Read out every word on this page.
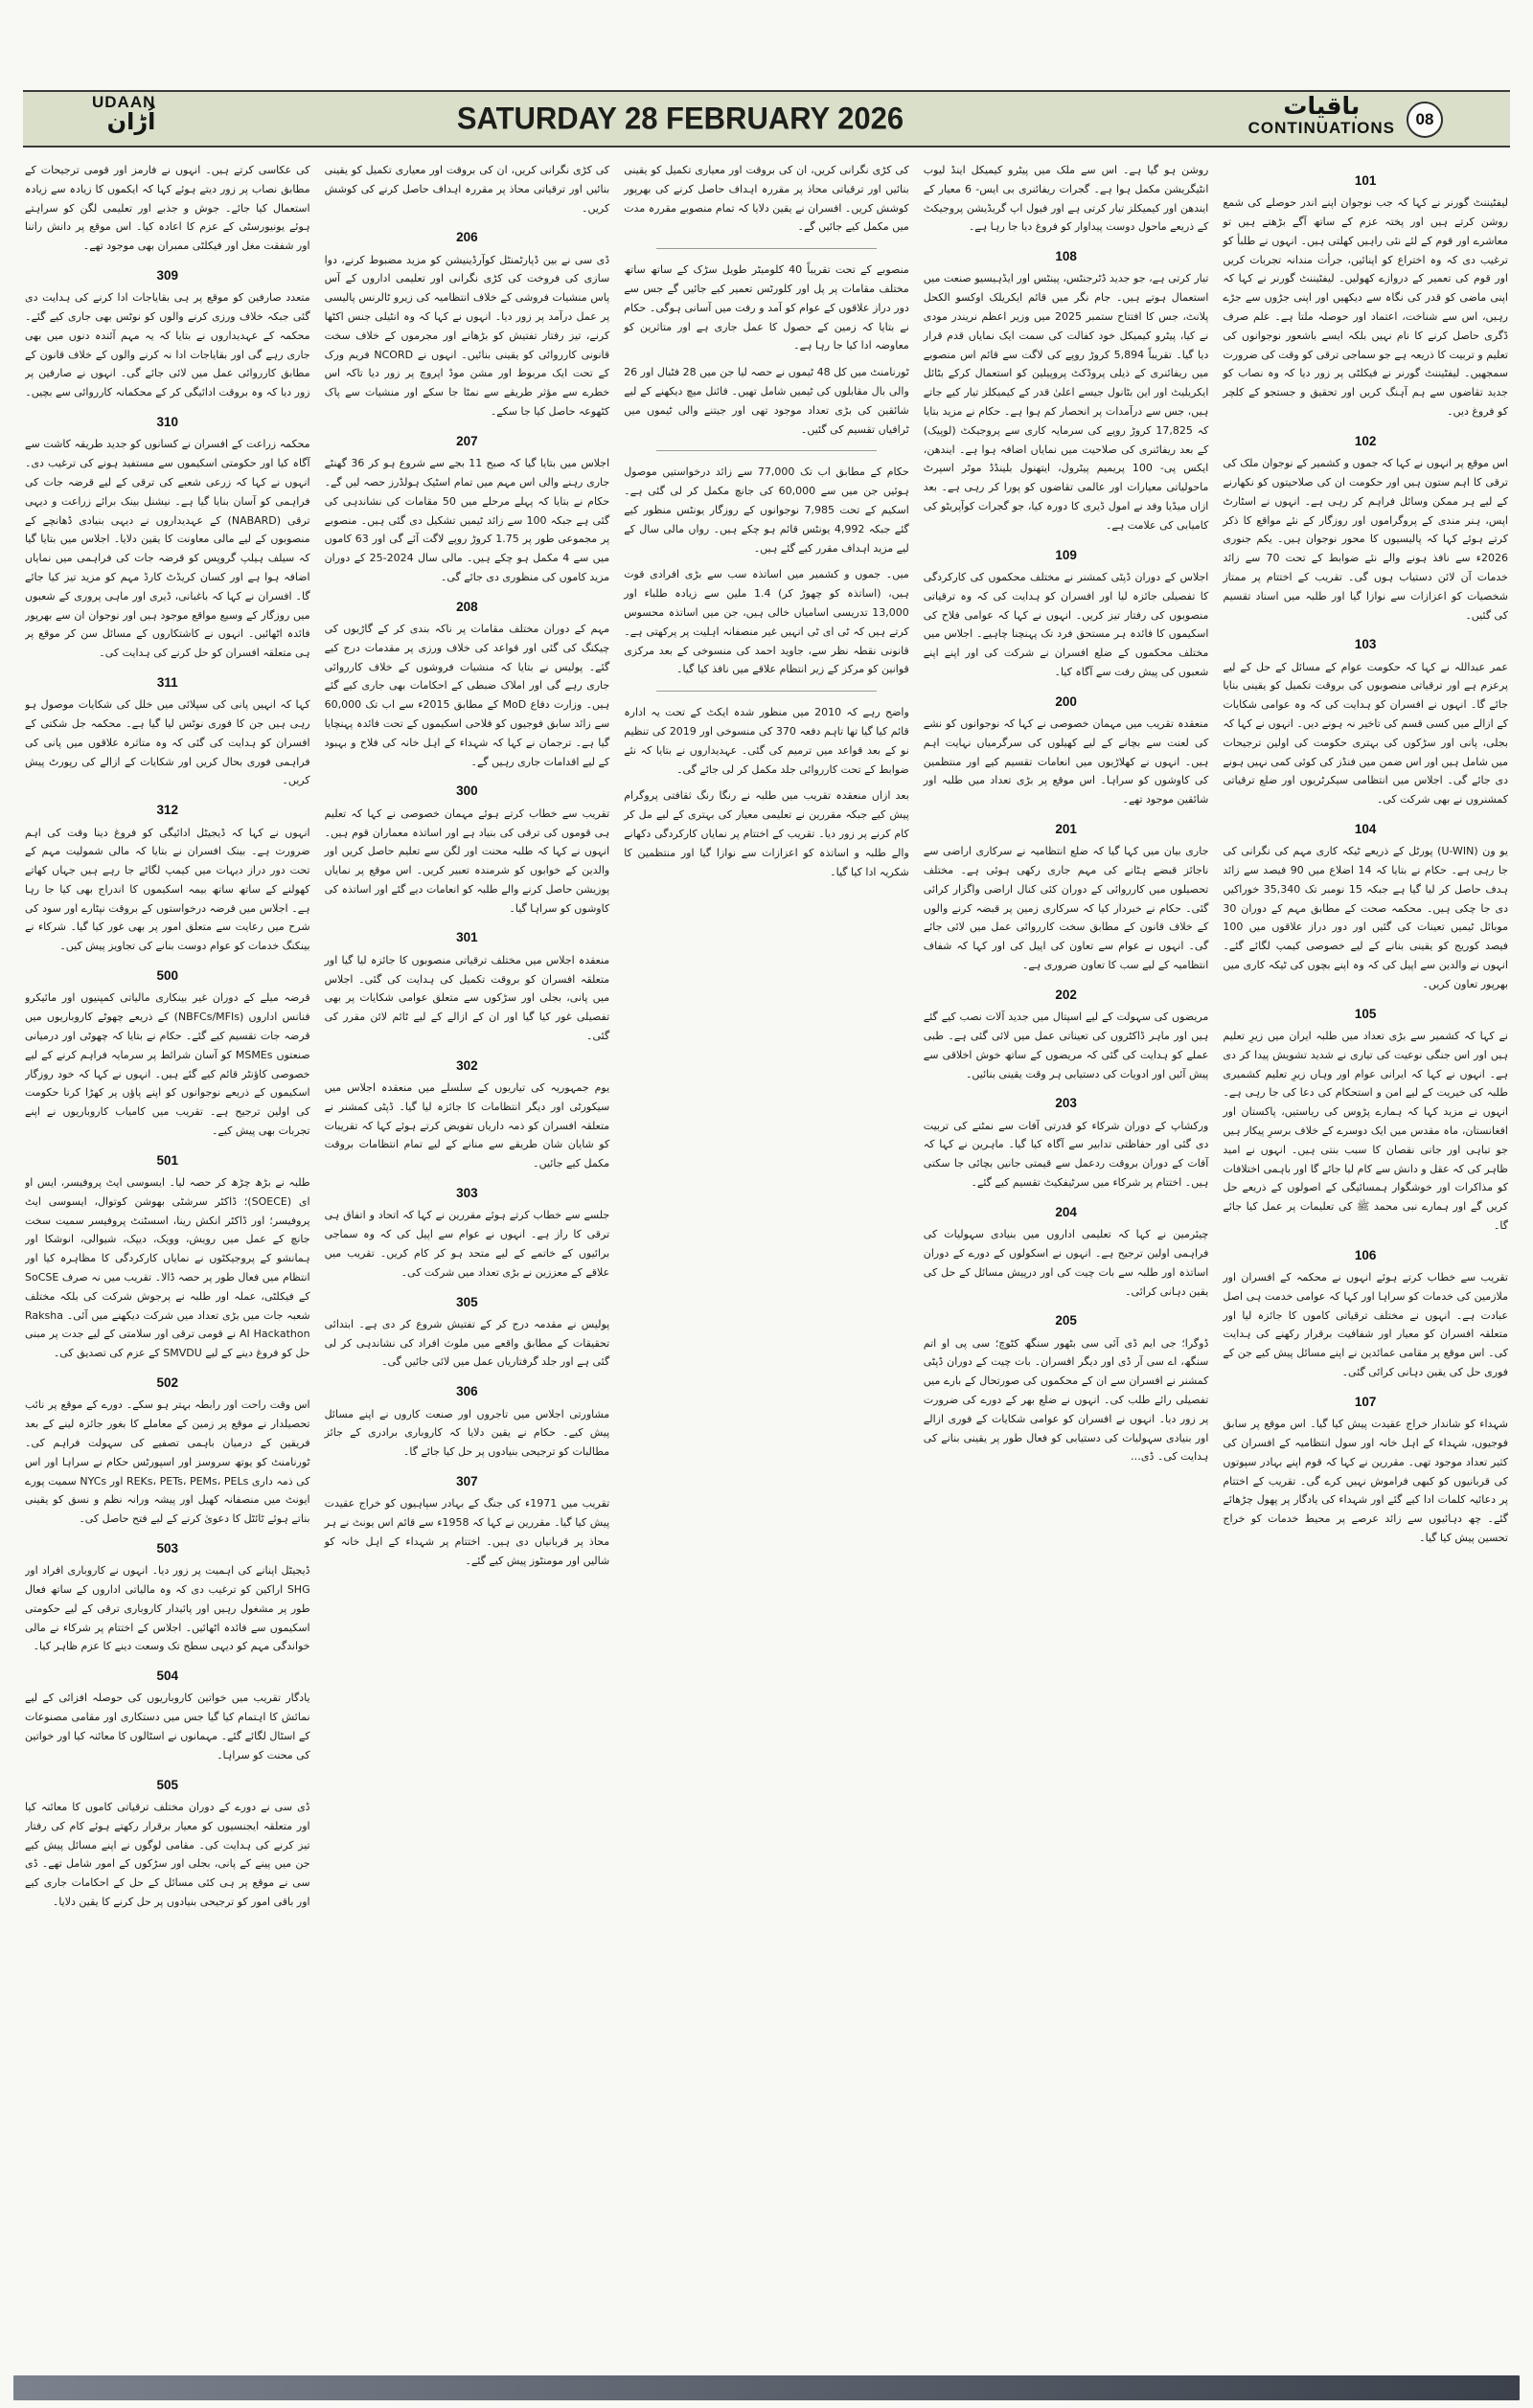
UDAAN
اُڑان	SATURDAY 28 FEBRUARY 2026	باقیات
CONTINUATIONS	08

کی عکاسی کرتے ہیں۔ انہوں نے فارمز اور قومی ترجیحات کے مطابق نصاب پر زور دیتے ہوئے کہا کہ ایکموں کا زیادہ سے زیادہ استعمال کیا جائے۔ جوش و جذبے اور تعلیمی لگن کو سراہتے ہوئے یونیورسٹی کے عزم کا اعادہ کیا۔ اس موقع پر دانش راننا اور شفقت مغل اور فیکلٹی ممبران بھی موجود تھے۔

309

متعدد صارفین کو موقع پر ہی بقایاجات ادا کرنے کی ہدایت دی گئی جبکہ خلاف ورزی کرنے والوں کو نوٹس بھی جاری کیے گئے۔ محکمہ کے عہدیداروں نے بتایا کہ یہ مہم آئندہ دنوں میں بھی جاری رہے گی اور بقایاجات ادا نہ کرنے والوں کے خلاف قانون کے مطابق کارروائی عمل میں لائی جائے گی۔ انہوں نے صارفین پر زور دیا کہ وہ بروقت ادائیگی کر کے محکمانہ کارروائی سے بچیں۔

310

محکمہ زراعت کے افسران نے کسانوں کو جدید طریقہ کاشت سے آگاہ کیا اور حکومتی اسکیموں سے مستفید ہونے کی ترغیب دی۔ انہوں نے کہا کہ زرعی شعبے کی ترقی کے لیے قرضہ جات کی فراہمی کو آسان بنایا گیا ہے۔ نیشنل بینک برائے زراعت و دیہی ترقی (NABARD) کے عہدیداروں نے دیہی بنیادی ڈھانچے کے منصوبوں کے لیے مالی معاونت کا یقین دلایا۔ اجلاس میں بتایا گیا کہ سیلف ہیلپ گروپس کو قرضہ جات کی فراہمی میں نمایاں اضافہ ہوا ہے اور کسان کریڈٹ کارڈ مہم کو مزید تیز کیا جائے گا۔ افسران نے کہا کہ باغبانی، ڈیری اور ماہی پروری کے شعبوں میں روزگار کے وسیع مواقع موجود ہیں اور نوجوان ان سے بھرپور فائدہ اٹھائیں۔ انہوں نے کاشتکاروں کے مسائل سن کر موقع پر ہی متعلقہ افسران کو حل کرنے کی ہدایت کی۔

311

کہا کہ انہیں پانی کی سپلائی میں خلل کی شکایات موصول ہو رہی ہیں جن کا فوری نوٹس لیا گیا ہے۔ محکمہ جل شکتی کے افسران کو ہدایت کی گئی کہ وہ متاثرہ علاقوں میں پانی کی فراہمی فوری بحال کریں اور شکایات کے ازالے کی رپورٹ پیش کریں۔

312

انہوں نے کہا کہ ڈیجیٹل ادائیگی کو فروغ دینا وقت کی اہم ضرورت ہے۔ بینک افسران نے بتایا کہ مالی شمولیت مہم کے تحت دور دراز دیہات میں کیمپ لگائے جا رہے ہیں جہاں کھاتے کھولنے کے ساتھ ساتھ بیمہ اسکیموں کا اندراج بھی کیا جا رہا ہے۔ اجلاس میں قرضہ درخواستوں کے بروقت نپٹارے اور سود کی شرح میں رعایت سے متعلق امور پر بھی غور کیا گیا۔ شرکاء نے بینکنگ خدمات کو عوام دوست بنانے کی تجاویز پیش کیں۔

500

قرضہ میلے کے دوران غیر بینکاری مالیاتی کمپنیوں اور مائیکرو فنانس اداروں (NBFCs/MFIs) کے ذریعے چھوٹے کاروباریوں میں قرضہ جات تقسیم کیے گئے۔ حکام نے بتایا کہ چھوٹی اور درمیانی صنعتوں MSMEs کو آسان شرائط پر سرمایہ فراہم کرنے کے لیے خصوصی کاؤنٹر قائم کیے گئے ہیں۔ انہوں نے کہا کہ خود روزگار اسکیموں کے ذریعے نوجوانوں کو اپنے پاؤں پر کھڑا کرنا حکومت کی اولین ترجیح ہے۔ تقریب میں کامیاب کاروباریوں نے اپنے تجربات بھی پیش کیے۔

501

طلبہ نے بڑھ چڑھ کر حصہ لیا۔ ایسوسی ایٹ پروفیسر، ایس او ای (SOECE)؛ ڈاکٹر سرشٹی بھوشن کوتوال، ایسوسی ایٹ پروفیسر؛ اور ڈاکٹر انکش رینا، اسسٹنٹ پروفیسر سمیت سخت جانچ کے عمل میں رویش، وویک، دیپک، شیوالی، انوشکا اور ہمانشو کے پروجیکٹوں نے نمایاں کارکردگی کا مظاہرہ کیا اور انتظام میں فعال طور پر حصہ ڈالا۔ تقریب میں نہ صرف SoCSE کے فیکلٹی، عملہ اور طلبہ نے پرجوش شرکت کی بلکہ مختلف شعبہ جات میں بڑی تعداد میں شرکت دیکھنے میں آئی۔ Raksha AI Hackathon نے قومی ترقی اور سلامتی کے لیے جدت پر مبنی حل کو فروغ دینے کے لیے SMVDU کے عزم کی تصدیق کی۔

502

اس وقت راحت اور رابطہ بہتر ہو سکے۔ دورے کے موقع پر نائب تحصیلدار نے موقع پر زمین کے معاملے کا بغور جائزہ لینے کے بعد فریقین کے درمیان باہمی تصفیے کی سہولت فراہم کی۔ ٹورنامنٹ کو یوتھ سروسز اور اسپورٹس حکام نے سراہا اور اس کی ذمہ داری REKs، PETs، PEMs، PELs اور NYCs سمیت پورے ایونٹ میں منصفانہ کھیل اور پیشہ ورانہ نظم و نسق کو یقینی بناتے ہوئے ٹائٹل کا دعویٰ کرنے کے لیے فتح حاصل کی۔

503

ڈیجیٹل اپنانے کی اہمیت پر زور دیا۔ انہوں نے کاروباری افراد اور SHG اراکین کو ترغیب دی کہ وہ مالیاتی اداروں کے ساتھ فعال طور پر مشغول رہیں اور پائیدار کاروباری ترقی کے لیے حکومتی اسکیموں سے فائدہ اٹھائیں۔ اجلاس کے اختتام پر شرکاء نے مالی خواندگی مہم کو دیہی سطح تک وسعت دینے کا عزم ظاہر کیا۔

504

یادگار تقریب میں خواتین کاروباریوں کی حوصلہ افزائی کے لیے نمائش کا اہتمام کیا گیا جس میں دستکاری اور مقامی مصنوعات کے اسٹال لگائے گئے۔ مہمانوں نے اسٹالوں کا معائنہ کیا اور خواتین کی محنت کو سراہا۔

505

ڈی سی نے دورے کے دوران مختلف ترقیاتی کاموں کا معائنہ کیا اور متعلقہ ایجنسیوں کو معیار برقرار رکھتے ہوئے کام کی رفتار تیز کرنے کی ہدایت کی۔ مقامی لوگوں نے اپنے مسائل پیش کیے جن میں پینے کے پانی، بجلی اور سڑکوں کے امور شامل تھے۔ ڈی سی نے موقع پر ہی کئی مسائل کے حل کے احکامات جاری کیے اور باقی امور کو ترجیحی بنیادوں پر حل کرنے کا یقین دلایا۔

کی کڑی نگرانی کریں، ان کی بروقت اور معیاری تکمیل کو یقینی بنائیں اور ترقیاتی محاذ پر مقررہ اہداف حاصل کرنے کی کوشش کریں۔

206

ڈی سی نے بین ڈپارٹمنٹل کوآرڈینیشن کو مزید مضبوط کرنے، دوا سازی کی فروخت کی کڑی نگرانی اور تعلیمی اداروں کے آس پاس منشیات فروشی کے خلاف انتظامیہ کی زیرو ٹالرنس پالیسی پر عمل درآمد پر زور دیا۔ انہوں نے کہا کہ وہ انٹیلی جنس اکٹھا کرنے، تیز رفتار تفتیش کو بڑھانے اور مجرموں کے خلاف سخت قانونی کارروائی کو یقینی بنائیں۔ انہوں نے NCORD فریم ورک کے تحت ایک مربوط اور مشن موڈ اپروچ پر زور دیا تاکہ اس خطرے سے مؤثر طریقے سے نمٹا جا سکے اور منشیات سے پاک کٹھوعہ حاصل کیا جا سکے۔

207

اجلاس میں بتایا گیا کہ صبح 11 بجے سے شروع ہو کر 36 گھنٹے جاری رہنے والی اس مہم میں تمام اسٹیک ہولڈرز حصہ لیں گے۔ حکام نے بتایا کہ پہلے مرحلے میں 50 مقامات کی نشاندہی کی گئی ہے جبکہ 100 سے زائد ٹیمیں تشکیل دی گئی ہیں۔ منصوبے پر مجموعی طور پر 1.75 کروڑ روپے لاگت آئے گی اور 63 کاموں میں سے 4 مکمل ہو چکے ہیں۔ مالی سال 2024-25 کے دوران مزید کاموں کی منظوری دی جائے گی۔

208

مہم کے دوران مختلف مقامات پر ناکہ بندی کر کے گاڑیوں کی چیکنگ کی گئی اور قواعد کی خلاف ورزی پر مقدمات درج کیے گئے۔ پولیس نے بتایا کہ منشیات فروشوں کے خلاف کارروائی جاری رہے گی اور املاک ضبطی کے احکامات بھی جاری کیے گئے ہیں۔ وزارت دفاع MoD کے مطابق 2015ء سے اب تک 60,000 سے زائد سابق فوجیوں کو فلاحی اسکیموں کے تحت فائدہ پہنچایا گیا ہے۔ ترجمان نے کہا کہ شہداء کے اہل خانہ کی فلاح و بہبود کے لیے اقدامات جاری رہیں گے۔

300

تقریب سے خطاب کرتے ہوئے مہمان خصوصی نے کہا کہ تعلیم ہی قوموں کی ترقی کی بنیاد ہے اور اساتذہ معماران قوم ہیں۔ انہوں نے کہا کہ طلبہ محنت اور لگن سے تعلیم حاصل کریں اور والدین کے خوابوں کو شرمندہ تعبیر کریں۔ اس موقع پر نمایاں پوزیشن حاصل کرنے والے طلبہ کو انعامات دیے گئے اور اساتذہ کی کاوشوں کو سراہا گیا۔

301

منعقدہ اجلاس میں مختلف ترقیاتی منصوبوں کا جائزہ لیا گیا اور متعلقہ افسران کو بروقت تکمیل کی ہدایت کی گئی۔ اجلاس میں پانی، بجلی اور سڑکوں سے متعلق عوامی شکایات پر بھی تفصیلی غور کیا گیا اور ان کے ازالے کے لیے ٹائم لائن مقرر کی گئی۔

302

یوم جمہوریہ کی تیاریوں کے سلسلے میں منعقدہ اجلاس میں سیکورٹی اور دیگر انتظامات کا جائزہ لیا گیا۔ ڈپٹی کمشنر نے متعلقہ افسران کو ذمہ داریاں تفویض کرتے ہوئے کہا کہ تقریبات کو شایان شان طریقے سے منانے کے لیے تمام انتظامات بروقت مکمل کیے جائیں۔

303

جلسے سے خطاب کرتے ہوئے مقررین نے کہا کہ اتحاد و اتفاق ہی ترقی کا راز ہے۔ انہوں نے عوام سے اپیل کی کہ وہ سماجی برائیوں کے خاتمے کے لیے متحد ہو کر کام کریں۔ تقریب میں علاقے کے معززین نے بڑی تعداد میں شرکت کی۔

305

پولیس نے مقدمہ درج کر کے تفتیش شروع کر دی ہے۔ ابتدائی تحقیقات کے مطابق واقعے میں ملوث افراد کی نشاندہی کر لی گئی ہے اور جلد گرفتاریاں عمل میں لائی جائیں گی۔

306

مشاورتی اجلاس میں تاجروں اور صنعت کاروں نے اپنے مسائل پیش کیے۔ حکام نے یقین دلایا کہ کاروباری برادری کے جائز مطالبات کو ترجیحی بنیادوں پر حل کیا جائے گا۔

307

تقریب میں 1971ء کی جنگ کے بہادر سپاہیوں کو خراج عقیدت پیش کیا گیا۔ مقررین نے کہا کہ 1958ء سے قائم اس یونٹ نے ہر محاذ پر قربانیاں دی ہیں۔ اختتام پر شہداء کے اہل خانہ کو شالیں اور مومنٹوز پیش کیے گئے۔

کی کڑی نگرانی کریں، ان کی بروقت اور معیاری تکمیل کو یقینی بنائیں اور ترقیاتی محاذ پر مقررہ اہداف حاصل کرنے کی بھرپور کوشش کریں۔ افسران نے یقین دلایا کہ تمام منصوبے مقررہ مدت میں مکمل کیے جائیں گے۔

منصوبے کے تحت تقریباً 40 کلومیٹر طویل سڑک کے ساتھ ساتھ مختلف مقامات پر پل اور کلورٹس تعمیر کیے جائیں گے جس سے دور دراز علاقوں کے عوام کو آمد و رفت میں آسانی ہوگی۔ حکام نے بتایا کہ زمین کے حصول کا عمل جاری ہے اور متاثرین کو معاوضہ ادا کیا جا رہا ہے۔

ٹورنامنٹ میں کل 48 ٹیموں نے حصہ لیا جن میں 28 فٹبال اور 26 والی بال مقابلوں کی ٹیمیں شامل تھیں۔ فائنل میچ دیکھنے کے لیے شائقین کی بڑی تعداد موجود تھی اور جیتنے والی ٹیموں میں ٹرافیاں تقسیم کی گئیں۔

حکام کے مطابق اب تک 77,000 سے زائد درخواستیں موصول ہوئیں جن میں سے 60,000 کی جانچ مکمل کر لی گئی ہے۔ اسکیم کے تحت 7,985 نوجوانوں کے روزگار یونٹس منظور کیے گئے جبکہ 4,992 یونٹس قائم ہو چکے ہیں۔ رواں مالی سال کے لیے مزید اہداف مقرر کیے گئے ہیں۔

میں۔ جموں و کشمیر میں اساتذہ سب سے بڑی افرادی قوت ہیں، (اساتذہ کو چھوڑ کر) 1.4 ملین سے زیادہ طلباء اور 13,000 تدریسی اسامیاں خالی ہیں، جن میں اساتذہ محسوس کرتے ہیں کہ ٹی ای ٹی انہیں غیر منصفانہ اہلیت پر پرکھتی ہے۔ قانونی نقطہ نظر سے، جاوید احمد کی منسوخی کے بعد مرکزی قوانین کو مرکز کے زیر انتظام علاقے میں نافذ کیا گیا۔

واضح رہے کہ 2010 میں منظور شدہ ایکٹ کے تحت یہ ادارہ قائم کیا گیا تھا تاہم دفعہ 370 کی منسوخی اور 2019 کی تنظیم نو کے بعد قواعد میں ترمیم کی گئی۔ عہدیداروں نے بتایا کہ نئے ضوابط کے تحت کارروائی جلد مکمل کر لی جائے گی۔

بعد ازاں منعقدہ تقریب میں طلبہ نے رنگا رنگ ثقافتی پروگرام پیش کیے جبکہ مقررین نے تعلیمی معیار کی بہتری کے لیے مل کر کام کرنے پر زور دیا۔ تقریب کے اختتام پر نمایاں کارکردگی دکھانے والے طلبہ و اساتذہ کو اعزازات سے نوازا گیا اور منتظمین کا شکریہ ادا کیا گیا۔

روشن ہو گیا ہے۔ اس سے ملک میں پیٹرو کیمیکل اینڈ لیوب انٹیگریشن مکمل ہوا ہے۔ گجرات ریفائنری بی ایس- 6 معیار کے ایندھن اور کیمیکلز تیار کرتی ہے اور فیول اپ گریڈیشن پروجیکٹ کے ذریعے ماحول دوست پیداوار کو فروغ دیا جا رہا ہے۔

108

تیار کرتی ہے، جو جدید ڈٹرجنٹس، پینٹس اور ایڈہیسیو صنعت میں استعمال ہوتے ہیں۔ جام نگر میں قائم ایکریلک اوکسو الکحل پلانٹ، جس کا افتتاح ستمبر 2025 میں وزیر اعظم نریندر مودی نے کیا، پیٹرو کیمیکل خود کفالت کی سمت ایک نمایاں قدم قرار دیا گیا۔ تقریباً 5,894 کروڑ روپے کی لاگت سے قائم اس منصوبے میں ریفائنری کے ذیلی پروڈکٹ پروپیلین کو استعمال کرکے بٹائل ایکریلیٹ اور این بٹانول جیسے اعلیٰ قدر کے کیمیکلز تیار کیے جاتے ہیں، جس سے درآمدات پر انحصار کم ہوا ہے۔ حکام نے مزید بتایا کہ 17,825 کروڑ روپے کی سرمایہ کاری سے پروجیکٹ (لوپیک) کے بعد ریفائنری کی صلاحیت میں نمایاں اضافہ ہوا ہے۔ ایندھن، ایکس پی- 100 پریمیم پیٹرول، ایتھنول بلینڈڈ موٹر اسپرٹ ماحولیاتی معیارات اور عالمی تقاضوں کو پورا کر رہی ہے۔ بعد ازاں میڈیا وفد نے امول ڈیری کا دورہ کیا، جو گجرات کوآپریٹو کی کامیابی کی علامت ہے۔

109

اجلاس کے دوران ڈپٹی کمشنر نے مختلف محکموں کی کارکردگی کا تفصیلی جائزہ لیا اور افسران کو ہدایت کی کہ وہ ترقیاتی منصوبوں کی رفتار تیز کریں۔ انہوں نے کہا کہ عوامی فلاح کی اسکیموں کا فائدہ ہر مستحق فرد تک پہنچنا چاہیے۔ اجلاس میں مختلف محکموں کے ضلع افسران نے شرکت کی اور اپنے اپنے شعبوں کی پیش رفت سے آگاہ کیا۔

200

منعقدہ تقریب میں مہمان خصوصی نے کہا کہ نوجوانوں کو نشے کی لعنت سے بچانے کے لیے کھیلوں کی سرگرمیاں نہایت اہم ہیں۔ انہوں نے کھلاڑیوں میں انعامات تقسیم کیے اور منتظمین کی کاوشوں کو سراہا۔ اس موقع پر بڑی تعداد میں طلبہ اور شائقین موجود تھے۔

201

جاری بیان میں کہا گیا کہ ضلع انتظامیہ نے سرکاری اراضی سے ناجائز قبضے ہٹانے کی مہم جاری رکھی ہوئی ہے۔ مختلف تحصیلوں میں کارروائی کے دوران کئی کنال اراضی واگزار کرائی گئی۔ حکام نے خبردار کیا کہ سرکاری زمین پر قبضہ کرنے والوں کے خلاف قانون کے مطابق سخت کارروائی عمل میں لائی جائے گی۔ انہوں نے عوام سے تعاون کی اپیل کی اور کہا کہ شفاف انتظامیہ کے لیے سب کا تعاون ضروری ہے۔

202

مریضوں کی سہولت کے لیے اسپتال میں جدید آلات نصب کیے گئے ہیں اور ماہر ڈاکٹروں کی تعیناتی عمل میں لائی گئی ہے۔ طبی عملے کو ہدایت کی گئی کہ مریضوں کے ساتھ خوش اخلاقی سے پیش آئیں اور ادویات کی دستیابی ہر وقت یقینی بنائیں۔

203

ورکشاپ کے دوران شرکاء کو قدرتی آفات سے نمٹنے کی تربیت دی گئی اور حفاظتی تدابیر سے آگاہ کیا گیا۔ ماہرین نے کہا کہ آفات کے دوران بروقت ردعمل سے قیمتی جانیں بچائی جا سکتی ہیں۔ اختتام پر شرکاء میں سرٹیفکیٹ تقسیم کیے گئے۔

204

چیئرمین نے کہا کہ تعلیمی اداروں میں بنیادی سہولیات کی فراہمی اولین ترجیح ہے۔ انہوں نے اسکولوں کے دورے کے دوران اساتذہ اور طلبہ سے بات چیت کی اور درپیش مسائل کے حل کی یقین دہانی کرائی۔

205

ڈوگرا؛ جی ایم ڈی آئی سی بٹھور سنگھ کٹوچ؛ سی پی او اتم سنگھ، اے سی آر ڈی اور دیگر افسران۔ بات چیت کے دوران ڈپٹی کمشنر نے افسران سے ان کے محکموں کی صورتحال کے بارے میں تفصیلی رائے طلب کی۔ انہوں نے ضلع بھر کے دورے کی ضرورت پر زور دیا۔ انہوں نے افسران کو عوامی شکایات کے فوری ازالے اور بنیادی سہولیات کی دستیابی کو فعال طور پر یقینی بنانے کی ہدایت کی۔ ڈی…

101

لیفٹیننٹ گورنر نے کہا کہ جب نوجوان اپنے اندر حوصلے کی شمع روشن کرتے ہیں اور پختہ عزم کے ساتھ آگے بڑھتے ہیں تو معاشرے اور قوم کے لئے نئی راہیں کھلتی ہیں۔ انہوں نے طلبأ کو ترغیب دی کہ وہ اختراع کو اپنائیں، جرأت مندانہ تجربات کریں اور قوم کی تعمیر کے دروازے کھولیں۔ لیفٹیننٹ گورنر نے کہا کہ اپنی ماضی کو قدر کی نگاہ سے دیکھیں اور اپنی جڑوں سے جڑے رہیں، اس سے شناخت، اعتماد اور حوصلہ ملتا ہے۔ علم صرف ڈگری حاصل کرنے کا نام نہیں بلکہ ایسے باشعور نوجوانوں کی تعلیم و تربیت کا ذریعہ ہے جو سماجی ترقی کو وقت کی ضرورت سمجھیں۔ لیفٹیننٹ گورنر نے فیکلٹی پر زور دیا کہ وہ نصاب کو جدید تقاضوں سے ہم آہنگ کریں اور تحقیق و جستجو کے کلچر کو فروغ دیں۔

102

اس موقع پر انہوں نے کہا کہ جموں و کشمیر کے نوجوان ملک کی ترقی کا اہم ستون ہیں اور حکومت ان کی صلاحیتوں کو نکھارنے کے لیے ہر ممکن وسائل فراہم کر رہی ہے۔ انہوں نے اسٹارٹ اپس، ہنر مندی کے پروگراموں اور روزگار کے نئے مواقع کا ذکر کرتے ہوئے کہا کہ پالیسیوں کا محور نوجوان ہیں۔ یکم جنوری 2026ء سے نافذ ہونے والے نئے ضوابط کے تحت 70 سے زائد خدمات آن لائن دستیاب ہوں گی۔ تقریب کے اختتام پر ممتاز شخصیات کو اعزازات سے نوازا گیا اور طلبہ میں اسناد تقسیم کی گئیں۔

103

عمر عبداللہ نے کہا کہ حکومت عوام کے مسائل کے حل کے لیے پرعزم ہے اور ترقیاتی منصوبوں کی بروقت تکمیل کو یقینی بنایا جائے گا۔ انہوں نے افسران کو ہدایت کی کہ وہ عوامی شکایات کے ازالے میں کسی قسم کی تاخیر نہ ہونے دیں۔ انہوں نے کہا کہ بجلی، پانی اور سڑکوں کی بہتری حکومت کی اولین ترجیحات میں شامل ہیں اور اس ضمن میں فنڈز کی کوئی کمی نہیں ہونے دی جائے گی۔ اجلاس میں انتظامی سیکرٹریوں اور ضلع ترقیاتی کمشنروں نے بھی شرکت کی۔

104

یو ون (U-WIN) پورٹل کے ذریعے ٹیکہ کاری مہم کی نگرانی کی جا رہی ہے۔ حکام نے بتایا کہ 14 اضلاع میں 90 فیصد سے زائد ہدف حاصل کر لیا گیا ہے جبکہ 15 نومبر تک 35,340 خوراکیں دی جا چکی ہیں۔ محکمہ صحت کے مطابق مہم کے دوران 30 موبائل ٹیمیں تعینات کی گئیں اور دور دراز علاقوں میں 100 فیصد کوریج کو یقینی بنانے کے لیے خصوصی کیمپ لگائے گئے۔ انہوں نے والدین سے اپیل کی کہ وہ اپنے بچوں کی ٹیکہ کاری میں بھرپور تعاون کریں۔

105

نے کہا کہ کشمیر سے بڑی تعداد میں طلبہ ایران میں زیرِ تعلیم ہیں اور اس جنگی نوعیت کی تیاری نے شدید تشویش پیدا کر دی ہے۔ انہوں نے کہا کہ ایرانی عوام اور وہاں زیرِ تعلیم کشمیری طلبہ کی خیریت کے لیے امن و استحکام کی دعا کی جا رہی ہے۔ انہوں نے مزید کہا کہ ہمارے پڑوس کی ریاستیں، پاکستان اور افغانستان، ماہ مقدس میں ایک دوسرے کے خلاف برسرِ پیکار ہیں جو تباہی اور جانی نقصان کا سبب بنتی ہیں۔ انہوں نے امید ظاہر کی کہ عقل و دانش سے کام لیا جائے گا اور باہمی اختلافات کو مذاکرات اور خوشگوار ہمسائیگی کے اصولوں کے ذریعے حل کریں گے اور ہمارے نبی محمد ﷺ کی تعلیمات پر عمل کیا جائے گا۔

106

تقریب سے خطاب کرتے ہوئے انہوں نے محکمہ کے افسران اور ملازمین کی خدمات کو سراہا اور کہا کہ عوامی خدمت ہی اصل عبادت ہے۔ انہوں نے مختلف ترقیاتی کاموں کا جائزہ لیا اور متعلقہ افسران کو معیار اور شفافیت برقرار رکھنے کی ہدایت کی۔ اس موقع پر مقامی عمائدین نے اپنے مسائل پیش کیے جن کے فوری حل کی یقین دہانی کرائی گئی۔

107

شہداء کو شاندار خراج عقیدت پیش کیا گیا۔ اس موقع پر سابق فوجیوں، شہداء کے اہل خانہ اور سول انتظامیہ کے افسران کی کثیر تعداد موجود تھی۔ مقررین نے کہا کہ قوم اپنے بہادر سپوتوں کی قربانیوں کو کبھی فراموش نہیں کرے گی۔ تقریب کے اختتام پر دعائیہ کلمات ادا کیے گئے اور شہداء کی یادگار پر پھول چڑھائے گئے۔ چھ دہائیوں سے زائد عرصے پر محیط خدمات کو خراج تحسین پیش کیا گیا۔
